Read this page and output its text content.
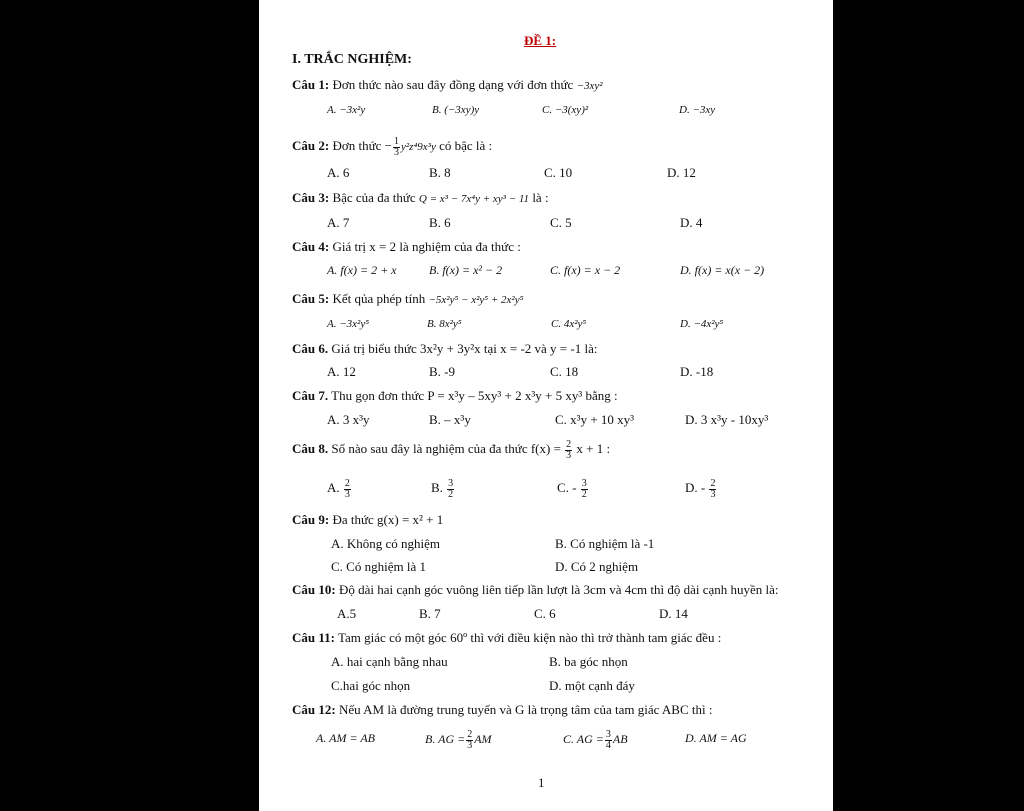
ĐỀ 1:
I. TRẮC NGHIỆM:
Câu 1: Đơn thức nào sau đây đồng dạng với đơn thức −3xy²
A. −3x²y	B. (−3xy)y	C. −3(xy)²	D. −3xy
Câu 2: Đơn thức − $\frac{1}{3} y^2z^49x^3y$ có bậc là :
A. 6	B. 8	C. 10	D. 12
Câu 3: Bậc của đa thức Q = x³ − 7x⁴y + xy³ − 11 là :
A. 7	B. 6	C. 5	D. 4
Câu 4: Giá trị x = 2 là nghiệm của đa thức :
A. f(x) = 2 + x	B. f(x) = x² − 2	C. f(x) = x − 2	D. f(x) = x(x − 2)
Câu 5: Kết qủa phép tính −5x²y⁵ − x²y⁵ + 2x²y⁵
A. −3x²y⁵	B. 8x²y⁵	C. 4x²y⁵	D. −4x²y⁵
Câu 6. Giá trị biểu thức 3x²y + 3y²x tại x = -2 và y = -1 là:
A. 12	B. -9	C. 18	D. -18
Câu 7. Thu gọn đơn thức P = x³y – 5xy³ + 2 x³y + 5 xy³ bằng :
A. 3 x³y	B. – x³y	C. x³y + 10 xy³	D. 3 x³y - 10xy³
Câu 8. Số nào sau đây là nghiệm của đa thức $f(x) = \frac{2}{3}$ x + 1 :
A. $\frac{2}{3}$	B. $\frac{3}{2}$	C. - $\frac{3}{2}$	D. - $\frac{2}{3}$
Câu 9: Đa thức g(x) = x² + 1
A. Không có nghiệm	B. Có nghiệm là -1
C. Có nghiệm là 1	D. Có 2 nghiệm
Câu 10: Độ dài hai cạnh góc vuông liên tiếp lần lượt là 3cm và 4cm thì độ dài cạnh huyền là:
A.5	B. 7	C. 6	D. 14
Câu 11: Tam giác có một góc 60º thì với điều kiện nào thì trở thành tam giác đều :
A. hai cạnh bằng nhau	B. ba góc nhọn
C.hai góc nhọn	D. một cạnh đáy
Câu 12: Nếu AM là đường trung tuyến và G là trọng tâm của tam giác ABC thì :
A. AM = AB	B. AG = $\frac{2}{3}$ AM	C. AG = $\frac{3}{4}$ AB	D. AM = AG
1
